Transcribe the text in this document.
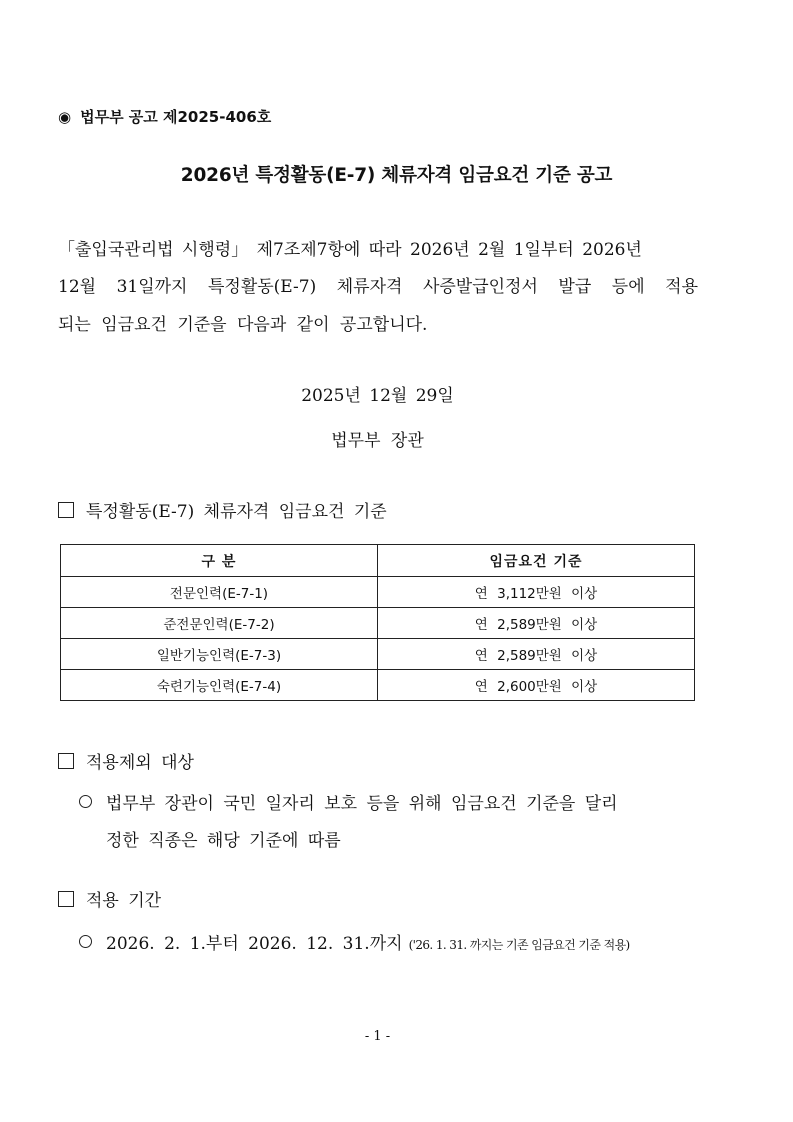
◉ 법무부 공고 제2025-406호
2026년 특정활동(E-7) 체류자격 임금요건 기준 공고
「출입국관리법 시행령」 제7조제7항에 따라 2026년 2월 1일부터 2026년
12월 31일까지 특정활동(E-7) 체류자격 사증발급인정서 발급 등에 적용
되는 임금요건 기준을 다음과 같이 공고합니다.
2025년 12월 29일
법무부 장관
특정활동(E-7) 체류자격 임금요건 기준
구 분	임금요건 기준
전문인력(E-7-1)	연 3,112만원 이상
준전문인력(E-7-2)	연 2,589만원 이상
일반기능인력(E-7-3)	연 2,589만원 이상
숙련기능인력(E-7-4)	연 2,600만원 이상
적용제외 대상
법무부 장관이 국민 일자리 보호 등을 위해 임금요건 기준을 달리
정한 직종은 해당 기준에 따름
적용 기간
2026. 2. 1.부터 2026. 12. 31.까지 ('26. 1. 31. 까지는 기존 임금요건 기준 적용)
- 1 -
